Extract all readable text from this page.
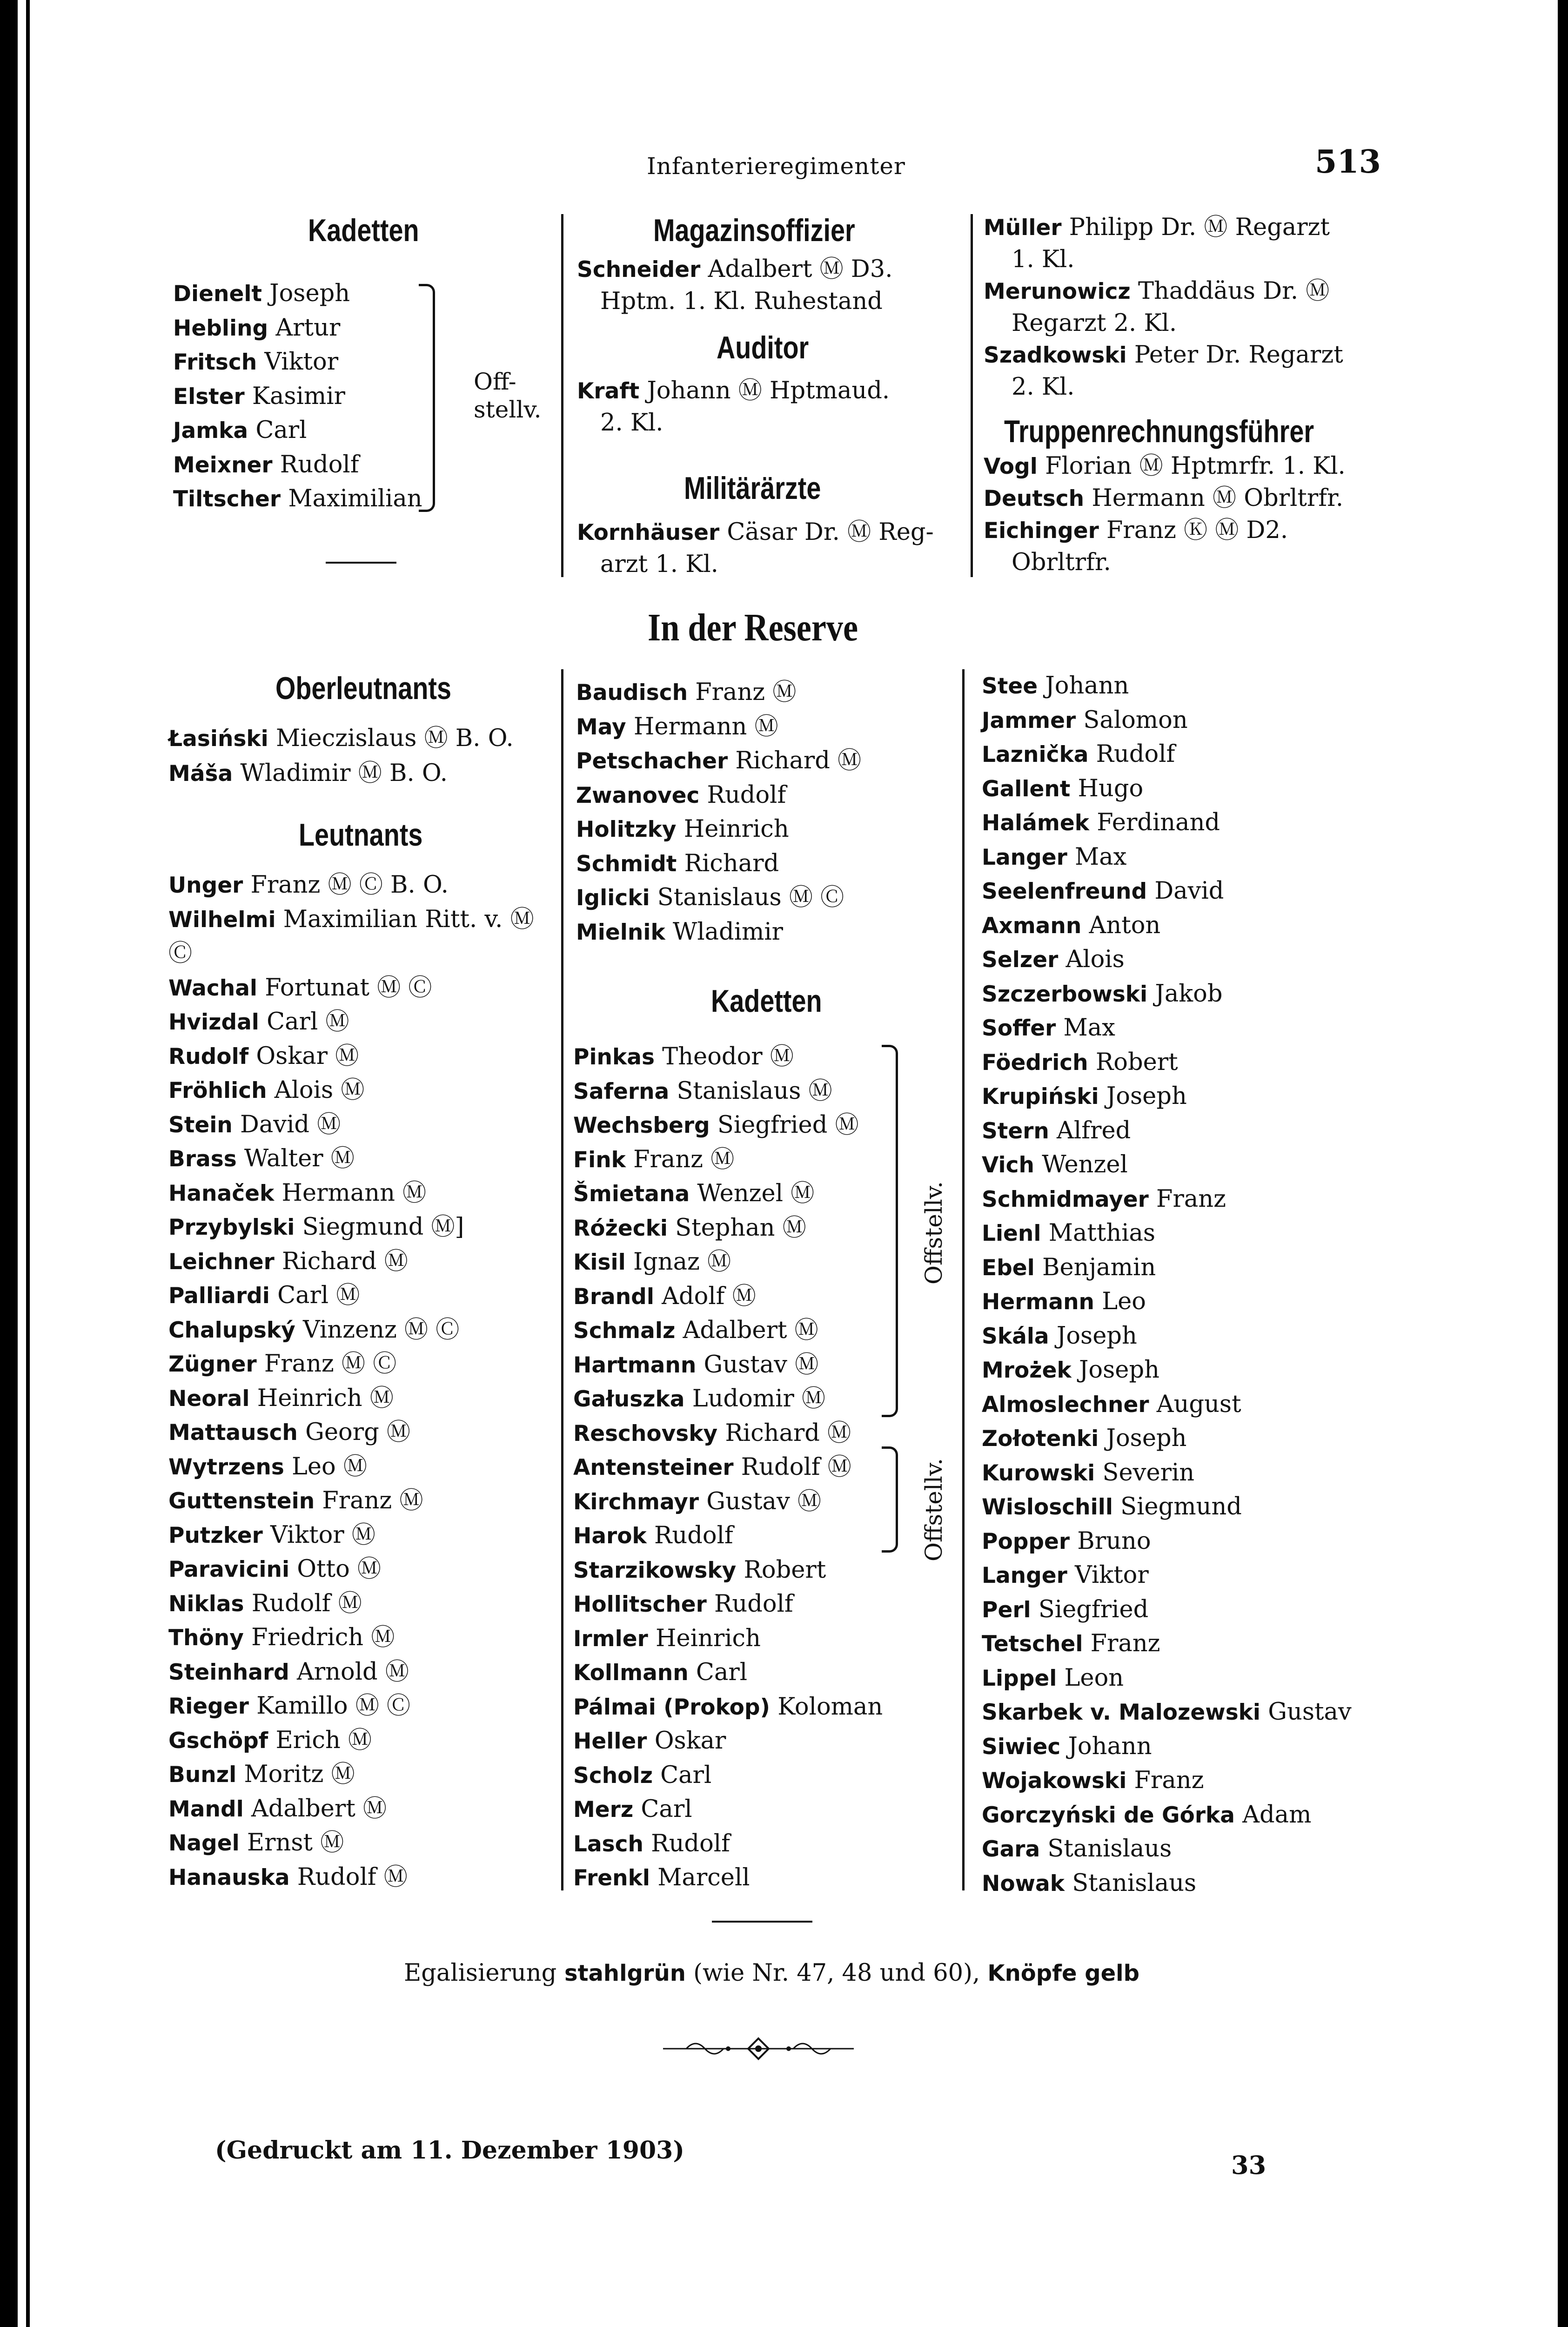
Infanterieregimenter	513
Kadetten
Dienelt Joseph
Hebling Artur
Fritsch Viktor
Elster Kasimir
Jamka Carl
Meixner Rudolf
Tiltscher Maximilian
Off-
stellv.
Oberleutnants
Łasiński Mieczislaus Ⓜ B. O.
Máša Wladimir Ⓜ B. O.
Leutnants
Unger Franz Ⓜ Ⓒ B. O.
Wilhelmi Maximilian Ritt. v. Ⓜ
Ⓒ
Wachal Fortunat Ⓜ Ⓒ
Hvizdal Carl Ⓜ
Rudolf Oskar Ⓜ
Fröhlich Alois Ⓜ
Stein David Ⓜ
Brass Walter Ⓜ
Hanaček Hermann Ⓜ
Przybylski Siegmund Ⓜ]
Leichner Richard Ⓜ
Palliardi Carl Ⓜ
Chalupský Vinzenz Ⓜ Ⓒ
Zügner Franz Ⓜ Ⓒ
Neoral Heinrich Ⓜ
Mattausch Georg Ⓜ
Wytrzens Leo Ⓜ
Guttenstein Franz Ⓜ
Putzker Viktor Ⓜ
Paravicini Otto Ⓜ
Niklas Rudolf Ⓜ
Thöny Friedrich Ⓜ
Steinhard Arnold Ⓜ
Rieger Kamillo Ⓜ Ⓒ
Gschöpf Erich Ⓜ
Bunzl Moritz Ⓜ
Mandl Adalbert Ⓜ
Nagel Ernst Ⓜ
Hanauska Rudolf Ⓜ
Magazinsoffizier
Schneider Adalbert Ⓜ D3.
Hptm. 1. Kl. Ruhestand
Auditor
Kraft Johann Ⓜ Hptmaud.
2. Kl.
Militärärzte
Kornhäuser Cäsar Dr. Ⓜ Reg-
arzt 1. Kl.
In der Reserve
Baudisch Franz Ⓜ
May Hermann Ⓜ
Petschacher Richard Ⓜ
Zwanovec Rudolf
Holitzky Heinrich
Schmidt Richard
Iglicki Stanislaus Ⓜ Ⓒ
Mielnik Wladimir
Kadetten
Pinkas Theodor Ⓜ
Saferna Stanislaus Ⓜ
Wechsberg Siegfried Ⓜ
Fink Franz Ⓜ
Šmietana Wenzel Ⓜ
Różecki Stephan Ⓜ
Kisil Ignaz Ⓜ
Brandl Adolf Ⓜ
Schmalz Adalbert Ⓜ
Hartmann Gustav Ⓜ
Gałuszka Ludomir Ⓜ
Reschovsky Richard Ⓜ
Antensteiner Rudolf Ⓜ
Kirchmayr Gustav Ⓜ
Harok Rudolf
Starzikowsky Robert
Hollitscher Rudolf
Irmler Heinrich
Kollmann Carl
Pálmai (Prokop) Koloman
Heller Oskar
Scholz Carl
Merz Carl
Lasch Rudolf
Frenkl Marcell
Offstellv.
Offstellv.
Müller Philipp Dr. Ⓜ Regarzt
1. Kl.
Merunowicz Thaddäus Dr. Ⓜ
Regarzt 2. Kl.
Szadkowski Peter Dr. Regarzt
2. Kl.
Truppenrechnungsführer
Vogl Florian Ⓜ Hptmrfr. 1. Kl.
Deutsch Hermann Ⓜ Obrltrfr.
Eichinger Franz Ⓚ Ⓜ D2.
Obrltrfr.
Stee Johann
Jammer Salomon
Laznička Rudolf
Gallent Hugo
Halámek Ferdinand
Langer Max
Seelenfreund David
Axmann Anton
Selzer Alois
Szczerbowski Jakob
Soffer Max
Föedrich Robert
Krupiński Joseph
Stern Alfred
Vich Wenzel
Schmidmayer Franz
Lienl Matthias
Ebel Benjamin
Hermann Leo
Skála Joseph
Mrożek Joseph
Almoslechner August
Zołotenki Joseph
Kurowski Severin
Wisloschill Siegmund
Popper Bruno
Langer Viktor
Perl Siegfried
Tetschel Franz
Lippel Leon
Skarbek v. Malozewski Gustav
Siwiec Johann
Wojakowski Franz
Gorczyński de Górka Adam
Gara Stanislaus
Nowak Stanislaus
Egalisierung stahlgrün (wie Nr. 47, 48 und 60), Knöpfe gelb
(Gedruckt am 11. Dezember 1903)	33
